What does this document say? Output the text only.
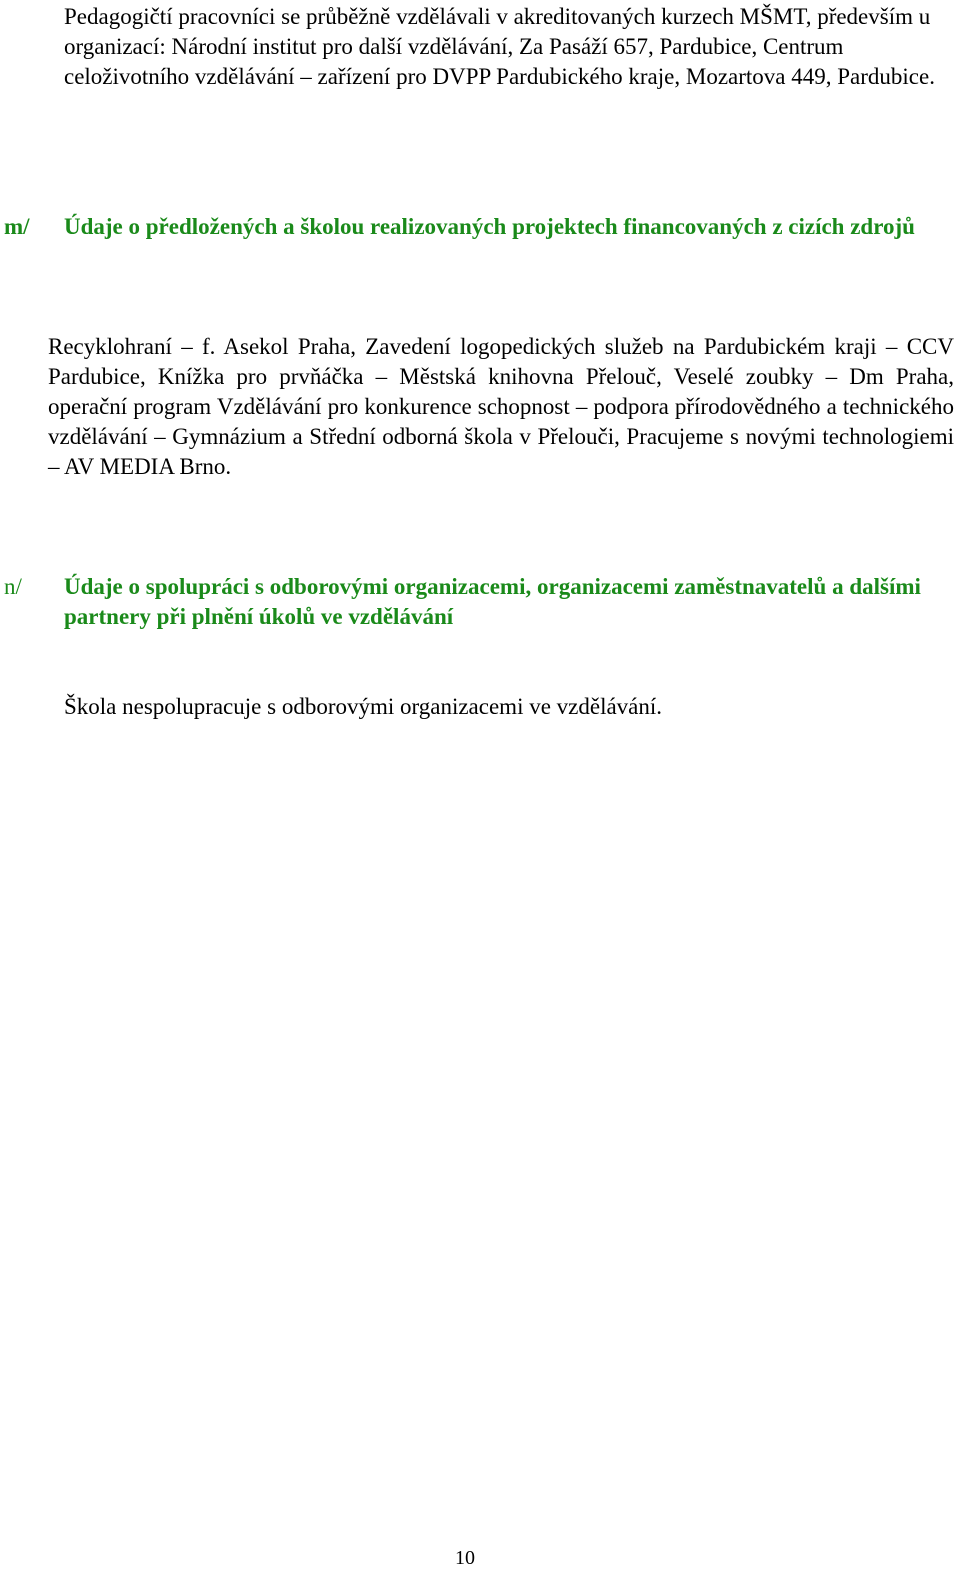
Pedagogičtí pracovníci se průběžně vzdělávali v akreditovaných kurzech MŠMT, především u organizací: Národní institut pro další vzdělávání, Za Pasáží 657, Pardubice, Centrum celoživotního vzdělávání – zařízení pro DVPP Pardubického kraje, Mozartova 449, Pardubice.

m/ Údaje o předložených a školou realizovaných projektech financovaných z cizích zdrojů

Recyklohraní – f. Asekol Praha, Zavedení logopedických služeb na Pardubickém kraji – CCV Pardubice, Knížka pro prvňáčka – Městská knihovna Přelouč, Veselé zoubky – Dm Praha, operační program Vzdělávání pro konkurence schopnost – podpora přírodovědného a technického vzdělávání – Gymnázium a Střední odborná škola v Přelouči, Pracujeme s novými technologiemi – AV MEDIA Brno.

n/ Údaje o spolupráci s odborovými organizacemi, organizacemi zaměstnavatelů a dalšími partnery při plnění úkolů ve vzdělávání

Škola nespolupracuje s odborovými organizacemi ve vzdělávání.

10
